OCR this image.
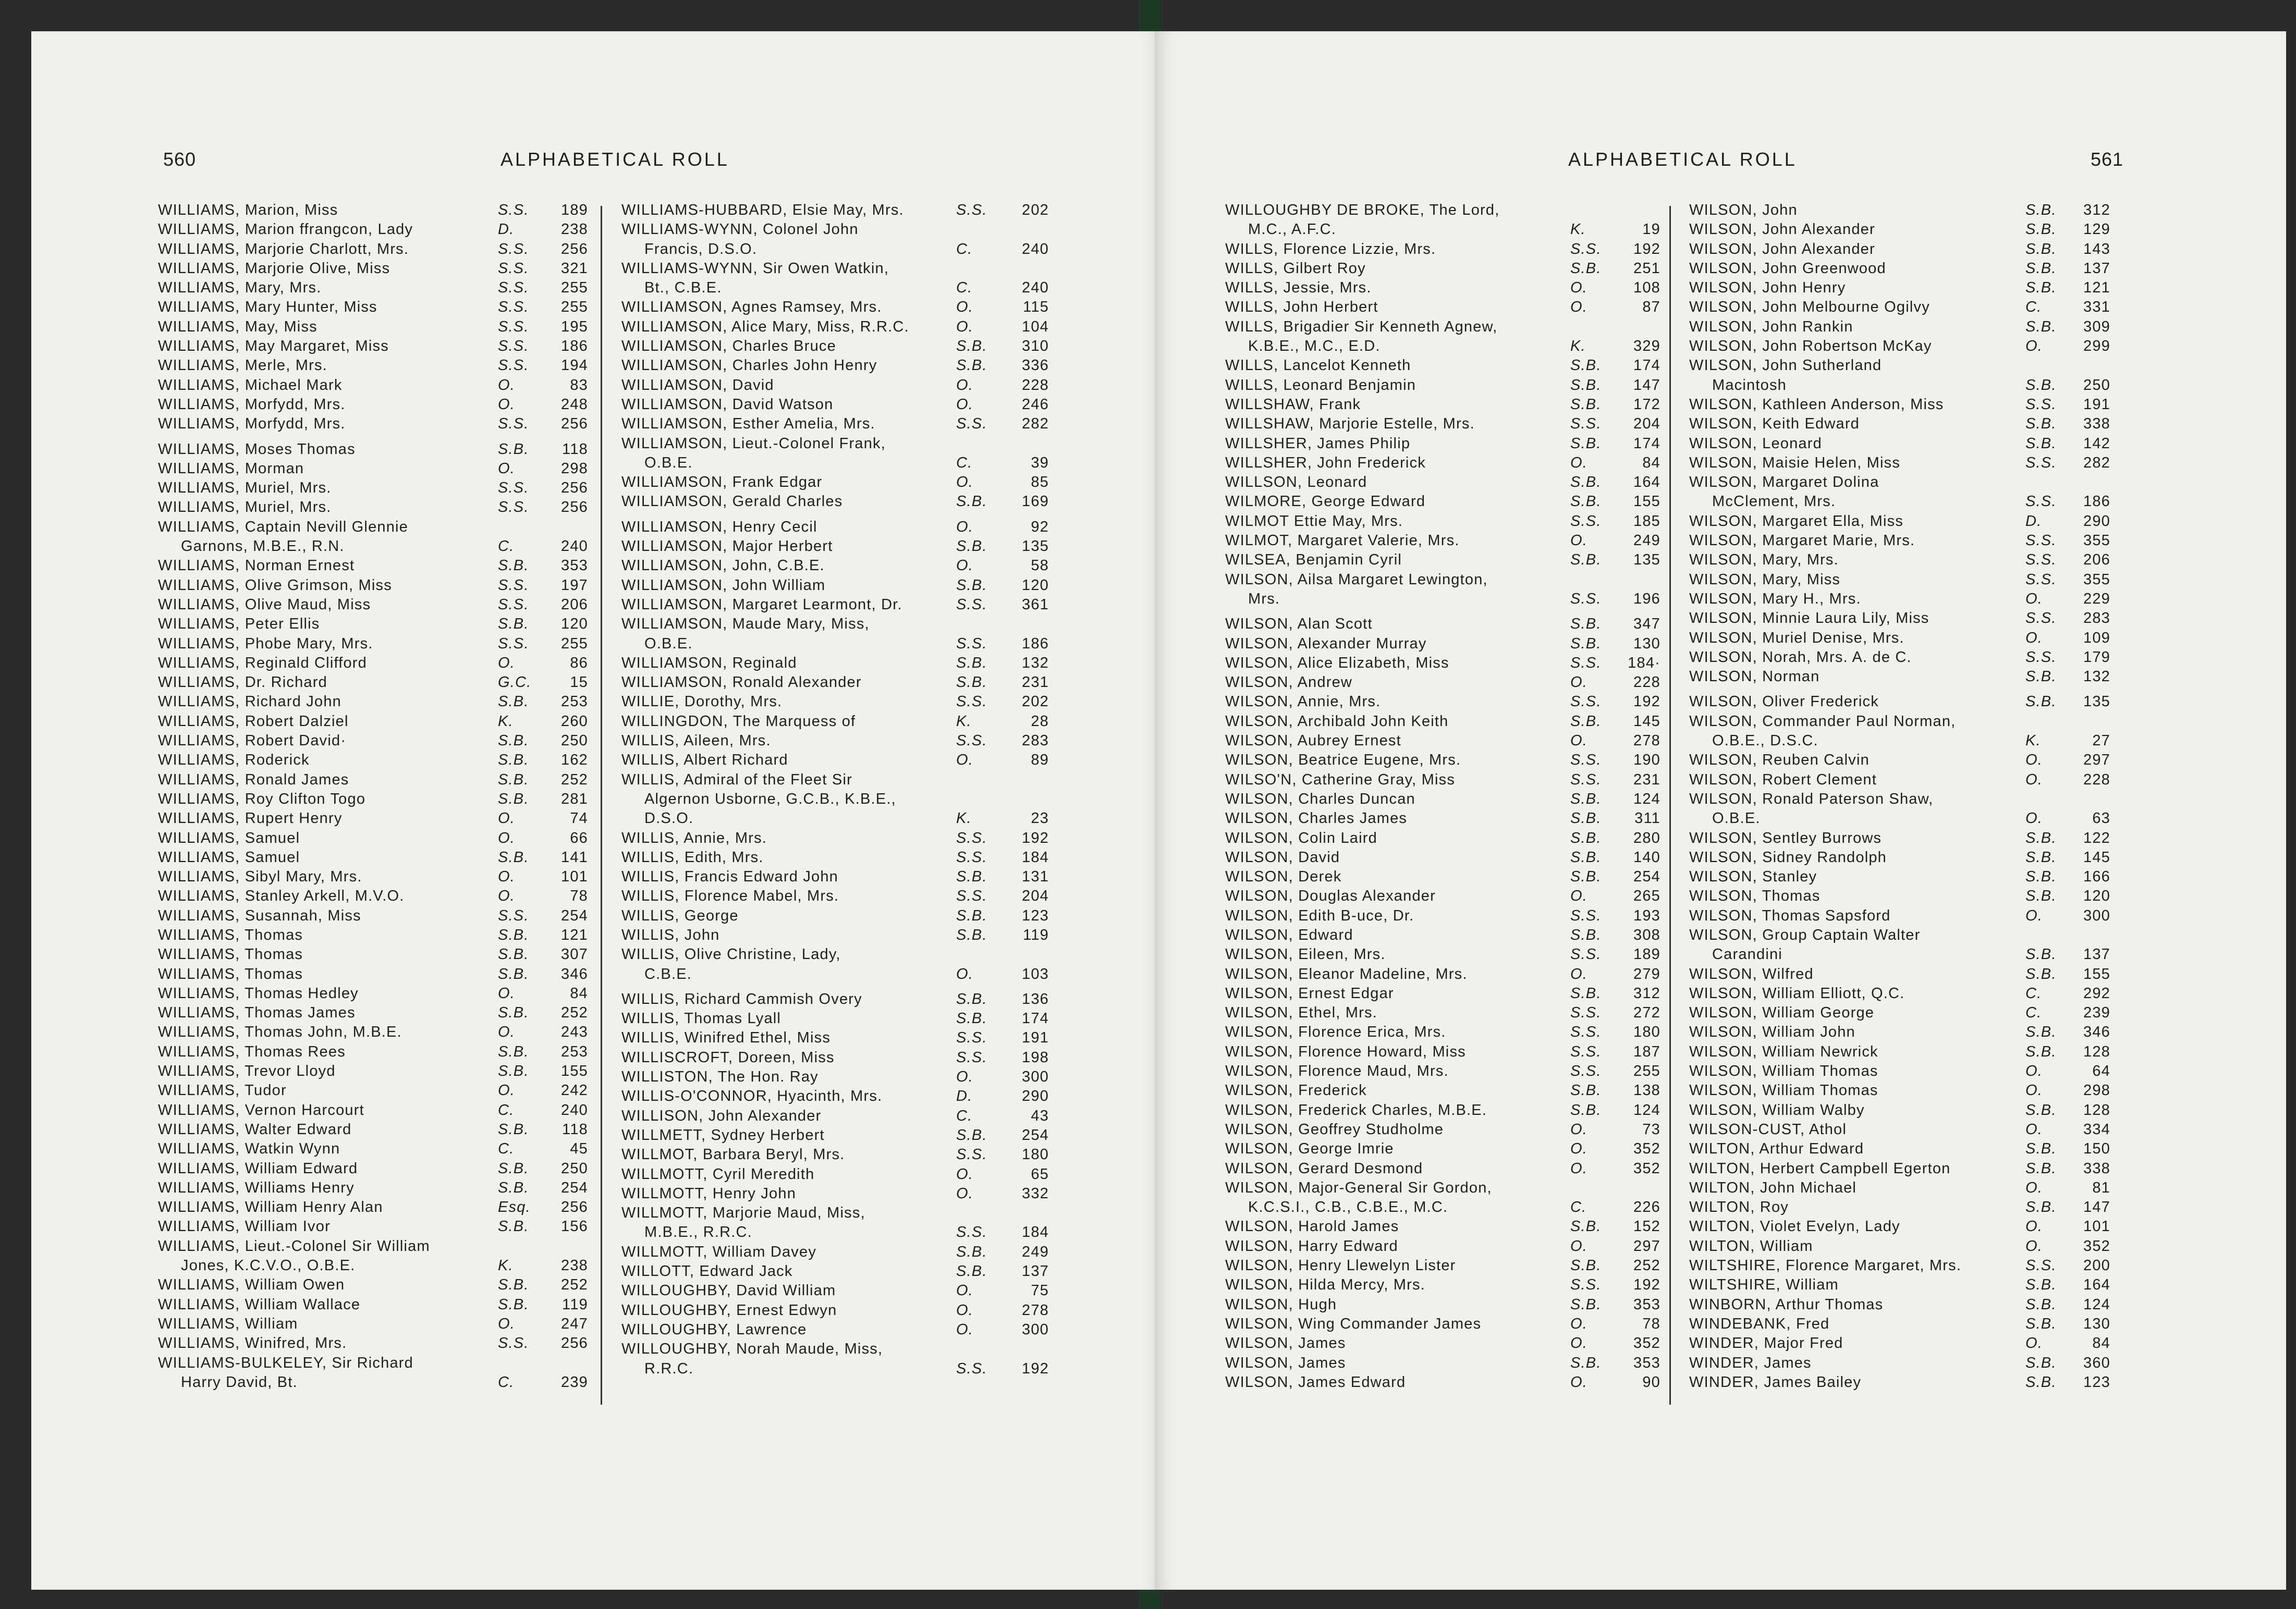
560	ALPHABETICAL ROLL	ALPHABETICAL ROLL	561
WILLIAMS, Marion, Miss	S.S.	189
WILLIAMS, Marion ffrangcon, Lady	D.	238
WILLIAMS, Marjorie Charlott, Mrs.	S.S.	256
WILLIAMS, Marjorie Olive, Miss	S.S.	321
WILLIAMS, Mary, Mrs.	S.S.	255
WILLIAMS, Mary Hunter, Miss	S.S.	255
WILLIAMS, May, Miss	S.S.	195
WILLIAMS, May Margaret, Miss	S.S.	186
WILLIAMS, Merle, Mrs.	S.S.	194
WILLIAMS, Michael Mark	O.	83
WILLIAMS, Morfydd, Mrs.	O.	248
WILLIAMS, Morfydd, Mrs.	S.S.	256
WILLIAMS, Moses Thomas	S.B.	118
WILLIAMS, Morman	O.	298
WILLIAMS, Muriel, Mrs.	S.S.	256
WILLIAMS, Muriel, Mrs.	S.S.	256
WILLIAMS, Captain Nevill Glennie
Garnons, M.B.E., R.N.	C.	240
WILLIAMS, Norman Ernest	S.B.	353
WILLIAMS, Olive Grimson, Miss	S.S.	197
WILLIAMS, Olive Maud, Miss	S.S.	206
WILLIAMS, Peter Ellis	S.B.	120
WILLIAMS, Phobe Mary, Mrs.	S.S.	255
WILLIAMS, Reginald Clifford	O.	86
WILLIAMS, Dr. Richard	G.C.	15
WILLIAMS, Richard John	S.B.	253
WILLIAMS, Robert Dalziel	K.	260
WILLIAMS, Robert David·	S.B.	250
WILLIAMS, Roderick	S.B.	162
WILLIAMS, Ronald James	S.B.	252
WILLIAMS, Roy Clifton Togo	S.B.	281
WILLIAMS, Rupert Henry	O.	74
WILLIAMS, Samuel	O.	66
WILLIAMS, Samuel	S.B.	141
WILLIAMS, Sibyl Mary, Mrs.	O.	101
WILLIAMS, Stanley Arkell, M.V.O.	O.	78
WILLIAMS, Susannah, Miss	S.S.	254
WILLIAMS, Thomas	S.B.	121
WILLIAMS, Thomas	S.B.	307
WILLIAMS, Thomas	S.B.	346
WILLIAMS, Thomas Hedley	O.	84
WILLIAMS, Thomas James	S.B.	252
WILLIAMS, Thomas John, M.B.E.	O.	243
WILLIAMS, Thomas Rees	S.B.	253
WILLIAMS, Trevor Lloyd	S.B.	155
WILLIAMS, Tudor	O.	242
WILLIAMS, Vernon Harcourt	C.	240
WILLIAMS, Walter Edward	S.B.	118
WILLIAMS, Watkin Wynn	C.	45
WILLIAMS, William Edward	S.B.	250
WILLIAMS, Williams Henry	S.B.	254
WILLIAMS, William Henry Alan	Esq.	256
WILLIAMS, William Ivor	S.B.	156
WILLIAMS, Lieut.-Colonel Sir William
Jones, K.C.V.O., O.B.E.	K.	238
WILLIAMS, William Owen	S.B.	252
WILLIAMS, William Wallace	S.B.	119
WILLIAMS, William	O.	247
WILLIAMS, Winifred, Mrs.	S.S.	256
WILLIAMS-BULKELEY, Sir Richard
Harry David, Bt.	C.	239
WILLIAMS-HUBBARD, Elsie May, Mrs.	S.S.	202
WILLIAMS-WYNN, Colonel John
Francis, D.S.O.	C.	240
WILLIAMS-WYNN, Sir Owen Watkin,
Bt., C.B.E.	C.	240
WILLIAMSON, Agnes Ramsey, Mrs.	O.	115
WILLIAMSON, Alice Mary, Miss, R.R.C.	O.	104
WILLIAMSON, Charles Bruce	S.B.	310
WILLIAMSON, Charles John Henry	S.B.	336
WILLIAMSON, David	O.	228
WILLIAMSON, David Watson	O.	246
WILLIAMSON, Esther Amelia, Mrs.	S.S.	282
WILLIAMSON, Lieut.-Colonel Frank,
O.B.E.	C.	39
WILLIAMSON, Frank Edgar	O.	85
WILLIAMSON, Gerald Charles	S.B.	169
WILLIAMSON, Henry Cecil	O.	92
WILLIAMSON, Major Herbert	S.B.	135
WILLIAMSON, John, C.B.E.	O.	58
WILLIAMSON, John William	S.B.	120
WILLIAMSON, Margaret Learmont, Dr.	S.S.	361
WILLIAMSON, Maude Mary, Miss,
O.B.E.	S.S.	186
WILLIAMSON, Reginald	S.B.	132
WILLIAMSON, Ronald Alexander	S.B.	231
WILLIE, Dorothy, Mrs.	S.S.	202
WILLINGDON, The Marquess of	K.	28
WILLIS, Aileen, Mrs.	S.S.	283
WILLIS, Albert Richard	O.	89
WILLIS, Admiral of the Fleet Sir
Algernon Usborne, G.C.B., K.B.E.,
D.S.O.	K.	23
WILLIS, Annie, Mrs.	S.S.	192
WILLIS, Edith, Mrs.	S.S.	184
WILLIS, Francis Edward John	S.B.	131
WILLIS, Florence Mabel, Mrs.	S.S.	204
WILLIS, George	S.B.	123
WILLIS, John	S.B.	119
WILLIS, Olive Christine, Lady,
C.B.E.	O.	103
WILLIS, Richard Cammish Overy	S.B.	136
WILLIS, Thomas Lyall	S.B.	174
WILLIS, Winifred Ethel, Miss	S.S.	191
WILLISCROFT, Doreen, Miss	S.S.	198
WILLISTON, The Hon. Ray	O.	300
WILLIS-O'CONNOR, Hyacinth, Mrs.	D.	290
WILLISON, John Alexander	C.	43
WILLMETT, Sydney Herbert	S.B.	254
WILLMOT, Barbara Beryl, Mrs.	S.S.	180
WILLMOTT, Cyril Meredith	O.	65
WILLMOTT, Henry John	O.	332
WILLMOTT, Marjorie Maud, Miss,
M.B.E., R.R.C.	S.S.	184
WILLMOTT, William Davey	S.B.	249
WILLOTT, Edward Jack	S.B.	137
WILLOUGHBY, David William	O.	75
WILLOUGHBY, Ernest Edwyn	O.	278
WILLOUGHBY, Lawrence	O.	300
WILLOUGHBY, Norah Maude, Miss,
R.R.C.	S.S.	192
WILLOUGHBY DE BROKE, The Lord,
M.C., A.F.C.	K.	19
WILLS, Florence Lizzie, Mrs.	S.S.	192
WILLS, Gilbert Roy	S.B.	251
WILLS, Jessie, Mrs.	O.	108
WILLS, John Herbert	O.	87
WILLS, Brigadier Sir Kenneth Agnew,
K.B.E., M.C., E.D.	K.	329
WILLS, Lancelot Kenneth	S.B.	174
WILLS, Leonard Benjamin	S.B.	147
WILLSHAW, Frank	S.B.	172
WILLSHAW, Marjorie Estelle, Mrs.	S.S.	204
WILLSHER, James Philip	S.B.	174
WILLSHER, John Frederick	O.	84
WILLSON, Leonard	S.B.	164
WILMORE, George Edward	S.B.	155
WILMOT Ettie May, Mrs.	S.S.	185
WILMOT, Margaret Valerie, Mrs.	O.	249
WILSEA, Benjamin Cyril	S.B.	135
WILSON, Ailsa Margaret Lewington,
Mrs.	S.S.	196
WILSON, Alan Scott	S.B.	347
WILSON, Alexander Murray	S.B.	130
WILSON, Alice Elizabeth, Miss	S.S.	184·
WILSON, Andrew	O.	228
WILSON, Annie, Mrs.	S.S.	192
WILSON, Archibald John Keith	S.B.	145
WILSON, Aubrey Ernest	O.	278
WILSON, Beatrice Eugene, Mrs.	S.S.	190
WILSO'N, Catherine Gray, Miss	S.S.	231
WILSON, Charles Duncan	S.B.	124
WILSON, Charles James	S.B.	311
WILSON, Colin Laird	S.B.	280
WILSON, David	S.B.	140
WILSON, Derek	S.B.	254
WILSON, Douglas Alexander	O.	265
WILSON, Edith B-uce, Dr.	S.S.	193
WILSON, Edward	S.B.	308
WILSON, Eileen, Mrs.	S.S.	189
WILSON, Eleanor Madeline, Mrs.	O.	279
WILSON, Ernest Edgar	S.B.	312
WILSON, Ethel, Mrs.	S.S.	272
WILSON, Florence Erica, Mrs.	S.S.	180
WILSON, Florence Howard, Miss	S.S.	187
WILSON, Florence Maud, Mrs.	S.S.	255
WILSON, Frederick	S.B.	138
WILSON, Frederick Charles, M.B.E.	S.B.	124
WILSON, Geoffrey Studholme	O.	73
WILSON, George Imrie	O.	352
WILSON, Gerard Desmond	O.	352
WILSON, Major-General Sir Gordon,
K.C.S.I., C.B., C.B.E., M.C.	C.	226
WILSON, Harold James	S.B.	152
WILSON, Harry Edward	O.	297
WILSON, Henry Llewelyn Lister	S.B.	252
WILSON, Hilda Mercy, Mrs.	S.S.	192
WILSON, Hugh	S.B.	353
WILSON, Wing Commander James	O.	78
WILSON, James	O.	352
WILSON, James	S.B.	353
WILSON, James Edward	O.	90
WILSON, John	S.B.	312
WILSON, John Alexander	S.B.	129
WILSON, John Alexander	S.B.	143
WILSON, John Greenwood	S.B.	137
WILSON, John Henry	S.B.	121
WILSON, John Melbourne Ogilvy	C.	331
WILSON, John Rankin	S.B.	309
WILSON, John Robertson McKay	O.	299
WILSON, John Sutherland
Macintosh	S.B.	250
WILSON, Kathleen Anderson, Miss	S.S.	191
WILSON, Keith Edward	S.B.	338
WILSON, Leonard	S.B.	142
WILSON, Maisie Helen, Miss	S.S.	282
WILSON, Margaret Dolina
McClement, Mrs.	S.S.	186
WILSON, Margaret Ella, Miss	D.	290
WILSON, Margaret Marie, Mrs.	S.S.	355
WILSON, Mary, Mrs.	S.S.	206
WILSON, Mary, Miss	S.S.	355
WILSON, Mary H., Mrs.	O.	229
WILSON, Minnie Laura Lily, Miss	S.S.	283
WILSON, Muriel Denise, Mrs.	O.	109
WILSON, Norah, Mrs. A. de C.	S.S.	179
WILSON, Norman	S.B.	132
WILSON, Oliver Frederick	S.B.	135
WILSON, Commander Paul Norman,
O.B.E., D.S.C.	K.	27
WILSON, Reuben Calvin	O.	297
WILSON, Robert Clement	O.	228
WILSON, Ronald Paterson Shaw,
O.B.E.	O.	63
WILSON, Sentley Burrows	S.B.	122
WILSON, Sidney Randolph	S.B.	145
WILSON, Stanley	S.B.	166
WILSON, Thomas	S.B.	120
WILSON, Thomas Sapsford	O.	300
WILSON, Group Captain Walter
Carandini	S.B.	137
WILSON, Wilfred	S.B.	155
WILSON, William Elliott, Q.C.	C.	292
WILSON, William George	C.	239
WILSON, William John	S.B.	346
WILSON, William Newrick	S.B.	128
WILSON, William Thomas	O.	64
WILSON, William Thomas	O.	298
WILSON, William Walby	S.B.	128
WILSON-CUST, Athol	O.	334
WILTON, Arthur Edward	S.B.	150
WILTON, Herbert Campbell Egerton	S.B.	338
WILTON, John Michael	O.	81
WILTON, Roy	S.B.	147
WILTON, Violet Evelyn, Lady	O.	101
WILTON, William	O.	352
WILTSHIRE, Florence Margaret, Mrs.	S.S.	200
WILTSHIRE, William	S.B.	164
WINBORN, Arthur Thomas	S.B.	124
WINDEBANK, Fred	S.B.	130
WINDER, Major Fred	O.	84
WINDER, James	S.B.	360
WINDER, James Bailey	S.B.	123
